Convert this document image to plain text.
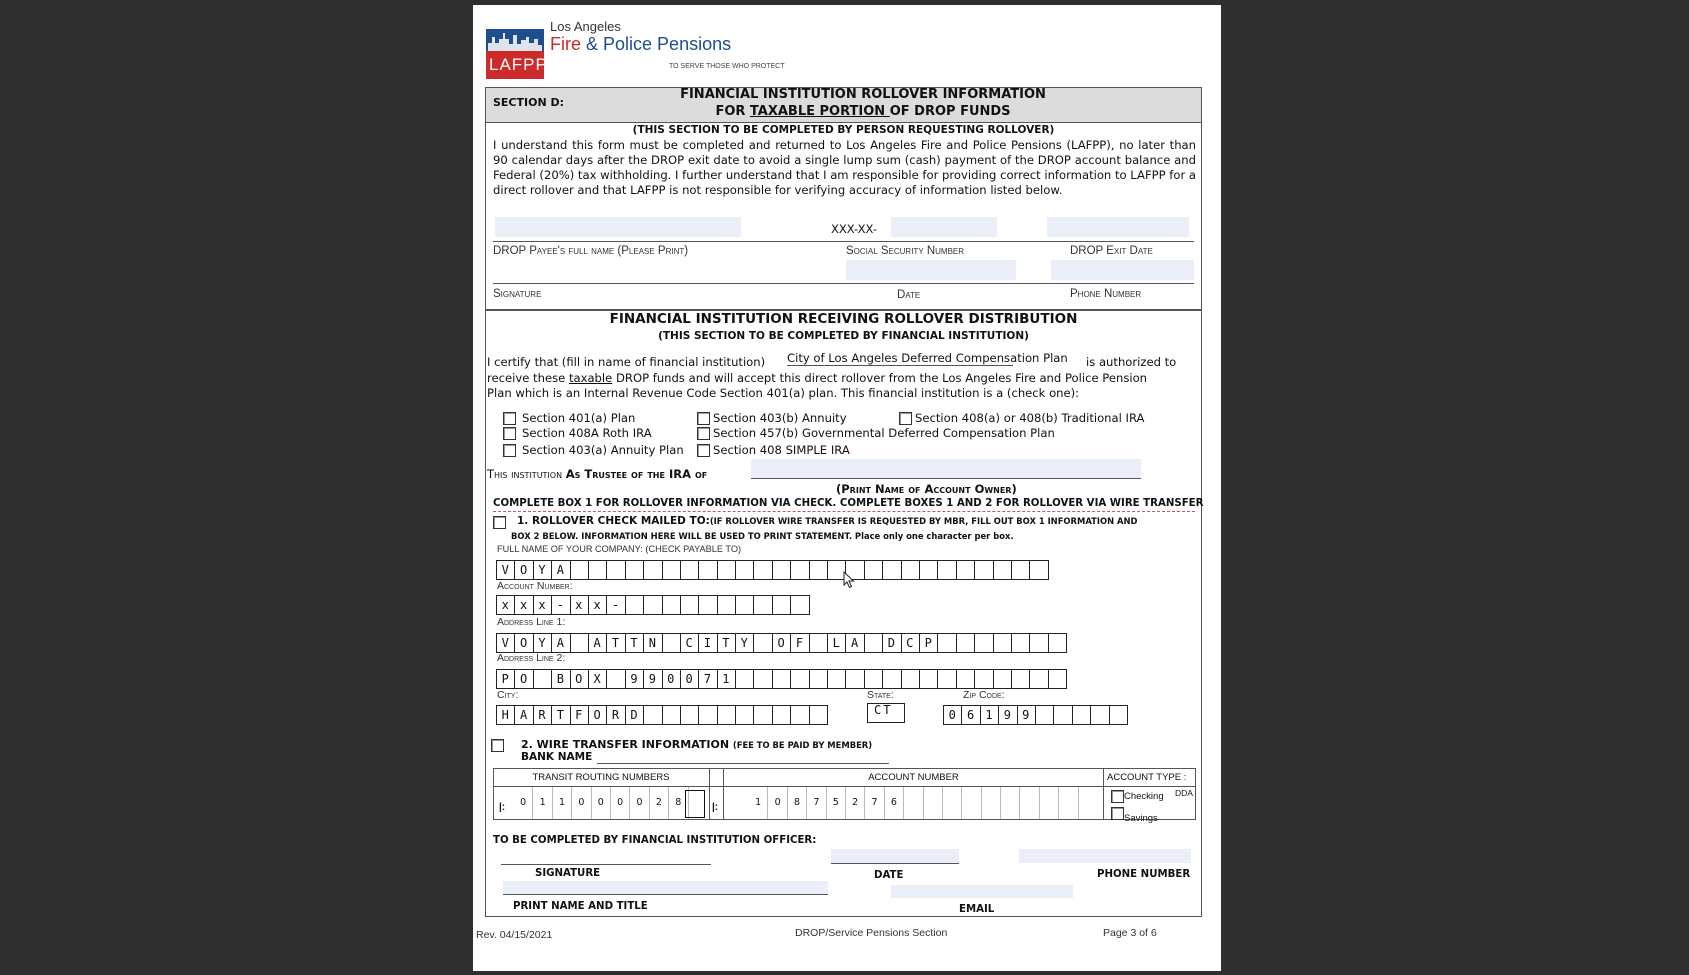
LAFPP
Los Angeles
Fire & Police Pensions
TO SERVE THOSE WHO PROTECT
SECTION D:
FINANCIAL INSTITUTION ROLLOVER INFORMATION
FOR TAXABLE PORTION OF DROP FUNDS
(THIS SECTION TO BE COMPLETED BY PERSON REQUESTING ROLLOVER)
I understand this form must be completed and returned to Los Angeles Fire and Police Pensions (LAFPP), no later than 90 calendar days after the DROP exit date to avoid a single lump sum (cash) payment of the DROP account balance and Federal (20%) tax withholding. I further understand that I am responsible for providing correct information to LAFPP for a direct rollover and that LAFPP is not responsible for verifying accuracy of information listed below.
XXX-XX-
DROP Payee's full name (Please Print)	Social Security Number	DROP Exit Date
Signature	Date	Phone Number
FINANCIAL INSTITUTION RECEIVING ROLLOVER DISTRIBUTION
(THIS SECTION TO BE COMPLETED BY FINANCIAL INSTITUTION)
I certify that (fill in name of financial institution)	City of Los Angeles Deferred Compensation Plan is authorized to
receive these taxable DROP funds and will accept this direct rollover from the Los Angeles Fire and Police Pension
Plan which is an Internal Revenue Code Section 401(a) plan. This financial institution is a (check one):
Section 401(a) Plan
Section 408A Roth IRA
Section 403(a) Annuity Plan
Section 403(b) Annuity
Section 457(b) Governmental Deferred Compensation Plan
Section 408 SIMPLE IRA
Section 408(a) or 408(b) Traditional IRA
This institution As Trustee of the IRA of
(Print Name of Account Owner)
COMPLETE BOX 1 FOR ROLLOVER INFORMATION VIA CHECK. COMPLETE BOXES 1 AND 2 FOR ROLLOVER VIA WIRE TRANSFER
1. ROLLOVER CHECK MAILED TO:(IF ROLLOVER WIRE TRANSFER IS REQUESTED BY MBR, FILL OUT BOX 1 INFORMATION AND
BOX 2 BELOW. INFORMATION HERE WILL BE USED TO PRINT STATEMENT. Place only one character per box.
FULL NAME OF YOUR COMPANY: (CHECK PAYABLE TO)
V O Y A
Account Number:
x x x - x x -
Address Line 1:
V O Y A	A T T N	C I T Y	O F	L A	D C P
Address Line 2:
P O	B O X	9 9 0 0 7 1
City:
H A R T F O R D
State:
CT
Zip Code:
0 6 1 9 9
2. WIRE TRANSFER INFORMATION (FEE TO BE PAID BY MEMBER)
BANK NAME
TRANSIT ROUTING NUMBERS	ACCOUNT NUMBER	ACCOUNT TYPE :
|:	0	1	1	0	0	0	0	2	8	|:	1	0	8	7	5	2	7	6
Checking DDA
Savings
TO BE COMPLETED BY FINANCIAL INSTITUTION OFFICER:
SIGNATURE	DATE	PHONE NUMBER
PRINT NAME AND TITLE	EMAIL
Rev. 04/15/2021	DROP/Service Pensions Section	Page 3 of 6
